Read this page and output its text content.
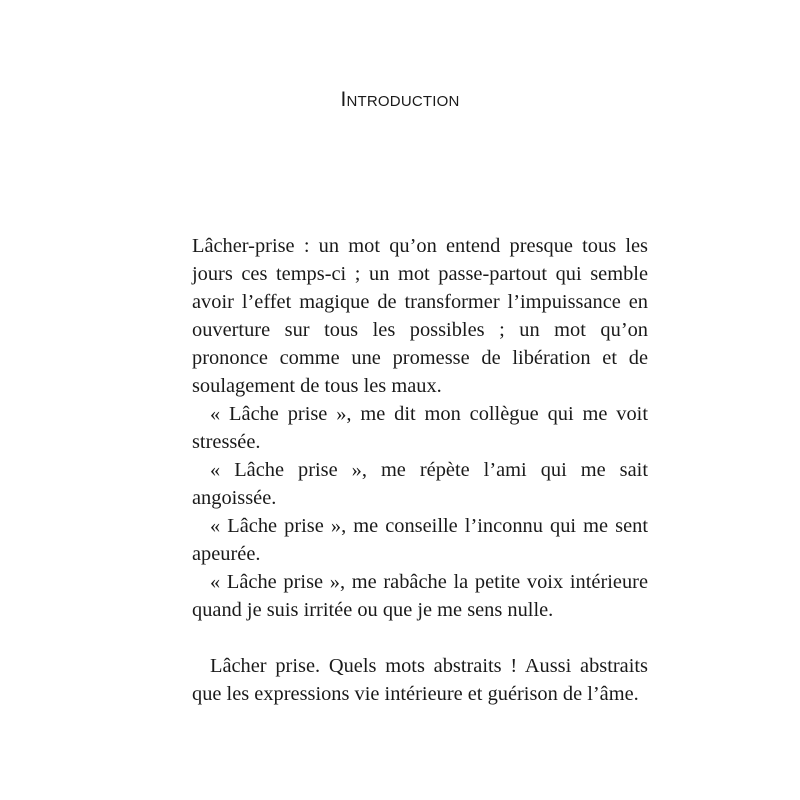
Introduction

Lâcher-prise : un mot qu’on entend presque tous les jours ces temps-ci ; un mot passe-partout qui semble avoir l’effet magique de transformer l’impuissance en ouverture sur tous les possibles ; un mot qu’on prononce comme une promesse de libération et de soulagement de tous les maux.

« Lâche prise », me dit mon collègue qui me voit stressée.

« Lâche prise », me répète l’ami qui me sait angoissée.

« Lâche prise », me conseille l’inconnu qui me sent apeurée.

« Lâche prise », me rabâche la petite voix intérieure quand je suis irritée ou que je me sens nulle.

Lâcher prise. Quels mots abstraits ! Aussi abstraits que les expressions vie intérieure et guérison de l’âme.
